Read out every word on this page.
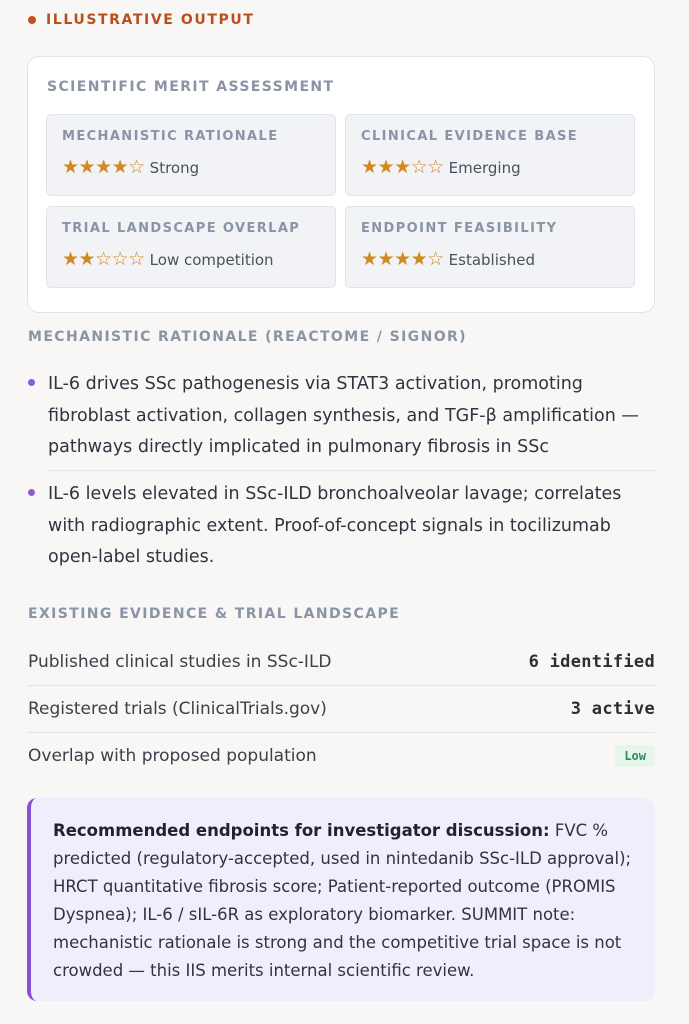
ILLUSTRATIVE OUTPUT
SCIENTIFIC MERIT ASSESSMENT
MECHANISTIC RATIONALE
★★★★☆ Strong
CLINICAL EVIDENCE BASE
★★★☆☆ Emerging
TRIAL LANDSCAPE OVERLAP
★★☆☆☆ Low competition
ENDPOINT FEASIBILITY
★★★★☆ Established
MECHANISTIC RATIONALE (REACTOME / SIGNOR)
IL-6 drives SSc pathogenesis via STAT3 activation, promoting fibroblast activation, collagen synthesis, and TGF-β amplification — pathways directly implicated in pulmonary fibrosis in SSc
IL-6 levels elevated in SSc-ILD bronchoalveolar lavage; correlates with radiographic extent. Proof-of-concept signals in tocilizumab open-label studies.
EXISTING EVIDENCE & TRIAL LANDSCAPE
Published clinical studies in SSc-ILD	6 identified
Registered trials (ClinicalTrials.gov)	3 active
Overlap with proposed population	Low
Recommended endpoints for investigator discussion: FVC % predicted (regulatory-accepted, used in nintedanib SSc-ILD approval); HRCT quantitative fibrosis score; Patient-reported outcome (PROMIS Dyspnea); IL-6 / sIL-6R as exploratory biomarker. SUMMIT note: mechanistic rationale is strong and the competitive trial space is not crowded — this IIS merits internal scientific review.
